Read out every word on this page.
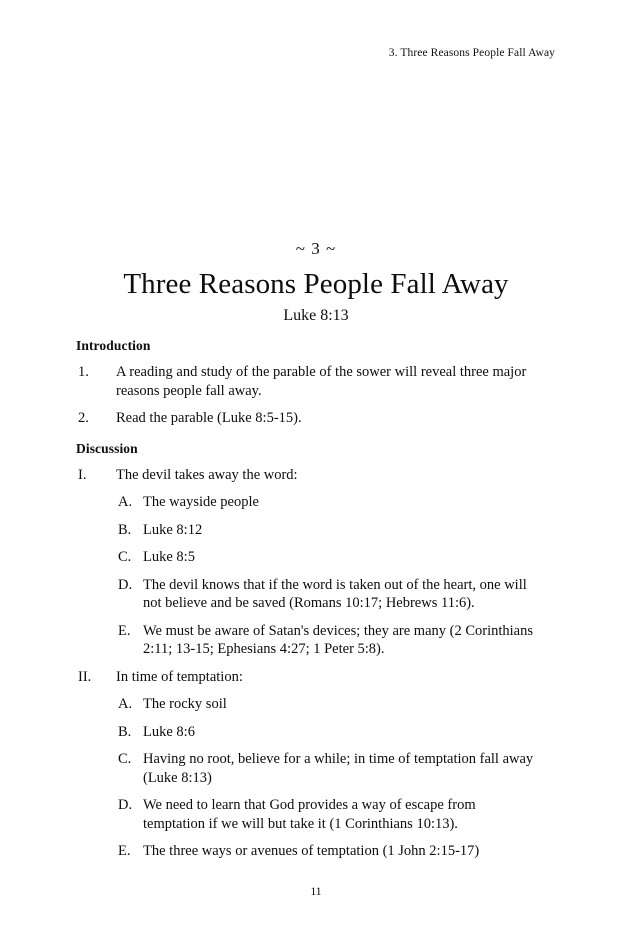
3. Three Reasons People Fall Away
~ 3 ~
Three Reasons People Fall Away
Luke 8:13
Introduction
1.	A reading and study of the parable of the sower will reveal three major reasons people fall away.
2.	Read the parable (Luke 8:5-15).
Discussion
I.	The devil takes away the word:
A. The wayside people
B. Luke 8:12
C. Luke 8:5
D. The devil knows that if the word is taken out of the heart, one will not believe and be saved (Romans 10:17; Hebrews 11:6).
E. We must be aware of Satan's devices; they are many (2 Corinthians 2:11; 13-15; Ephesians 4:27; 1 Peter 5:8).
II.	In time of temptation:
A. The rocky soil
B. Luke 8:6
C. Having no root, believe for a while; in time of temptation fall away (Luke 8:13)
D. We need to learn that God provides a way of escape from temptation if we will but take it (1 Corinthians 10:13).
E. The three ways or avenues of temptation (1 John 2:15-17)
11
